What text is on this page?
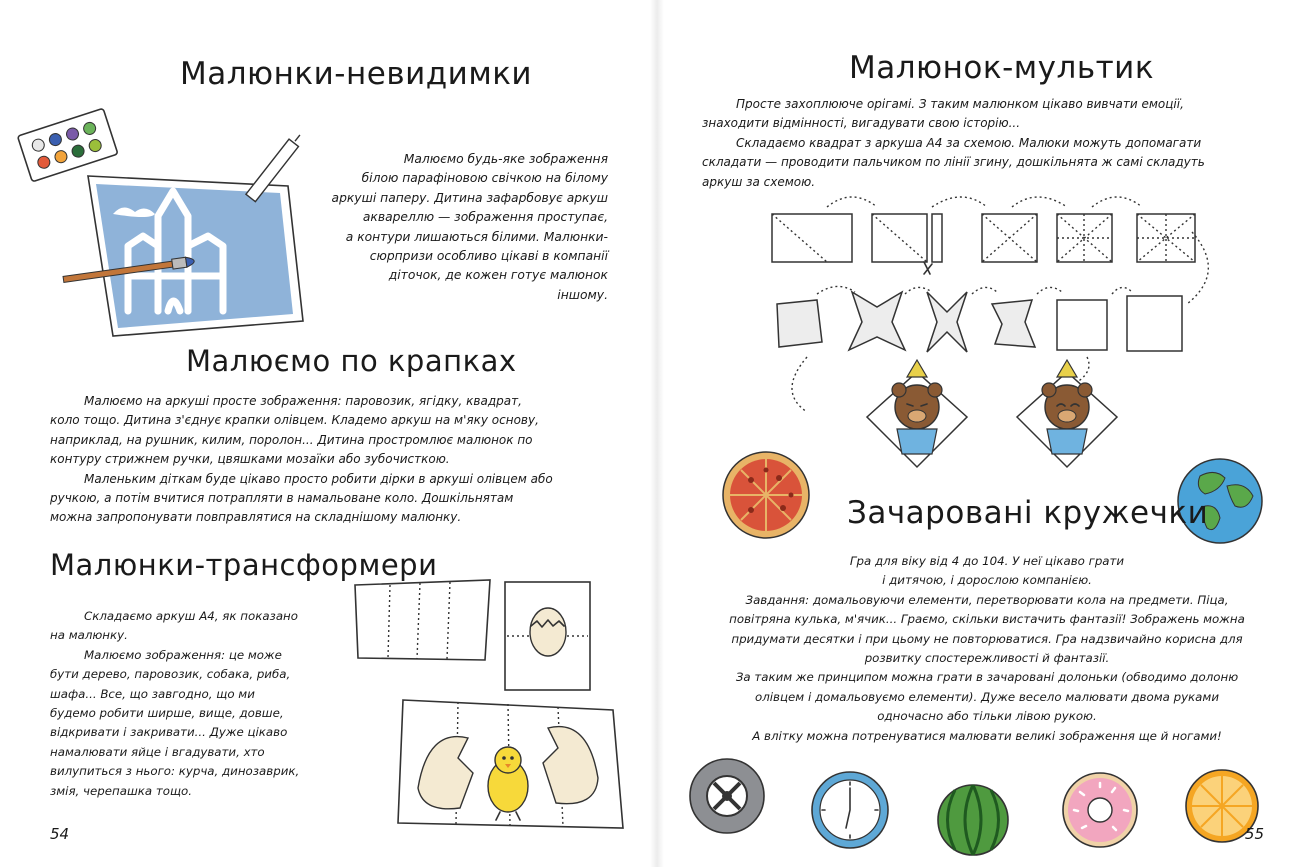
Малюнки-невидимки
Малюємо будь-яке зображення
білою парафіновою свічкою на білому
аркуші паперу. Дитина зафарбовує аркуш
аквареллю — зображення проступає,
а контури лишаються білими. Малюнки-
сюрпризи особливо цікаві в компанії
діточок, де кожен готує малюнок
іншому.
Малюємо по крапках
Малюємо на аркуші просте зображення: паровозик, ягідку, квадрат,
коло тощо. Дитина з'єднує крапки олівцем. Кладемо аркуш на м'яку основу,
наприклад, на рушник, килим, поролон... Дитина простромлює малюнок по
контуру стрижнем ручки, цвяшками мозаїки або зубочисткою.
Маленьким діткам буде цікаво просто робити дірки в аркуші олівцем або
ручкою, а потім вчитися потрапляти в намальоване коло. Дошкільнятам
можна запропонувати повправлятися на складнішому малюнку.
Малюнки-трансформери
Складаємо аркуш А4, як показано
на малюнку.
Малюємо зображення: це може
бути дерево, паровозик, собака, риба,
шафа... Все, що завгодно, що ми
будемо робити ширше, вище, довше,
відкривати і закривати... Дуже цікаво
намалювати яйце і вгадувати, хто
вилупиться з нього: курча, динозаврик,
змія, черепашка тощо.
54
Малюнок-мультик
Просте захоплююче орігамі. З таким малюнком цікаво вивчати емоції,
знаходити відмінності, вигадувати свою історію...
Складаємо квадрат з аркуша А4 за схемою. Малюки можуть допомагати
складати — проводити пальчиком по лінії згину, дошкільнята ж самі складуть
аркуш за схемою.
Зачаровані кружечки
Гра для віку від 4 до 104. У неї цікаво грати
і дитячою, і дорослою компанією.
Завдання: домальовуючи елементи, перетворювати кола на предмети. Піца,
повітряна кулька, м'ячик... Граємо, скільки вистачить фантазії! Зображень можна
придумати десятки і при цьому не повторюватися. Гра надзвичайно корисна для
розвитку спостережливості й фантазії.
За таким же принципом можна грати в зачаровані долоньки (обводимо долоню
олівцем і домальовуємо елементи). Дуже весело малювати двома руками
одночасно або тільки лівою рукою.
А влітку можна потренуватися малювати великі зображення ще й ногами!
55
